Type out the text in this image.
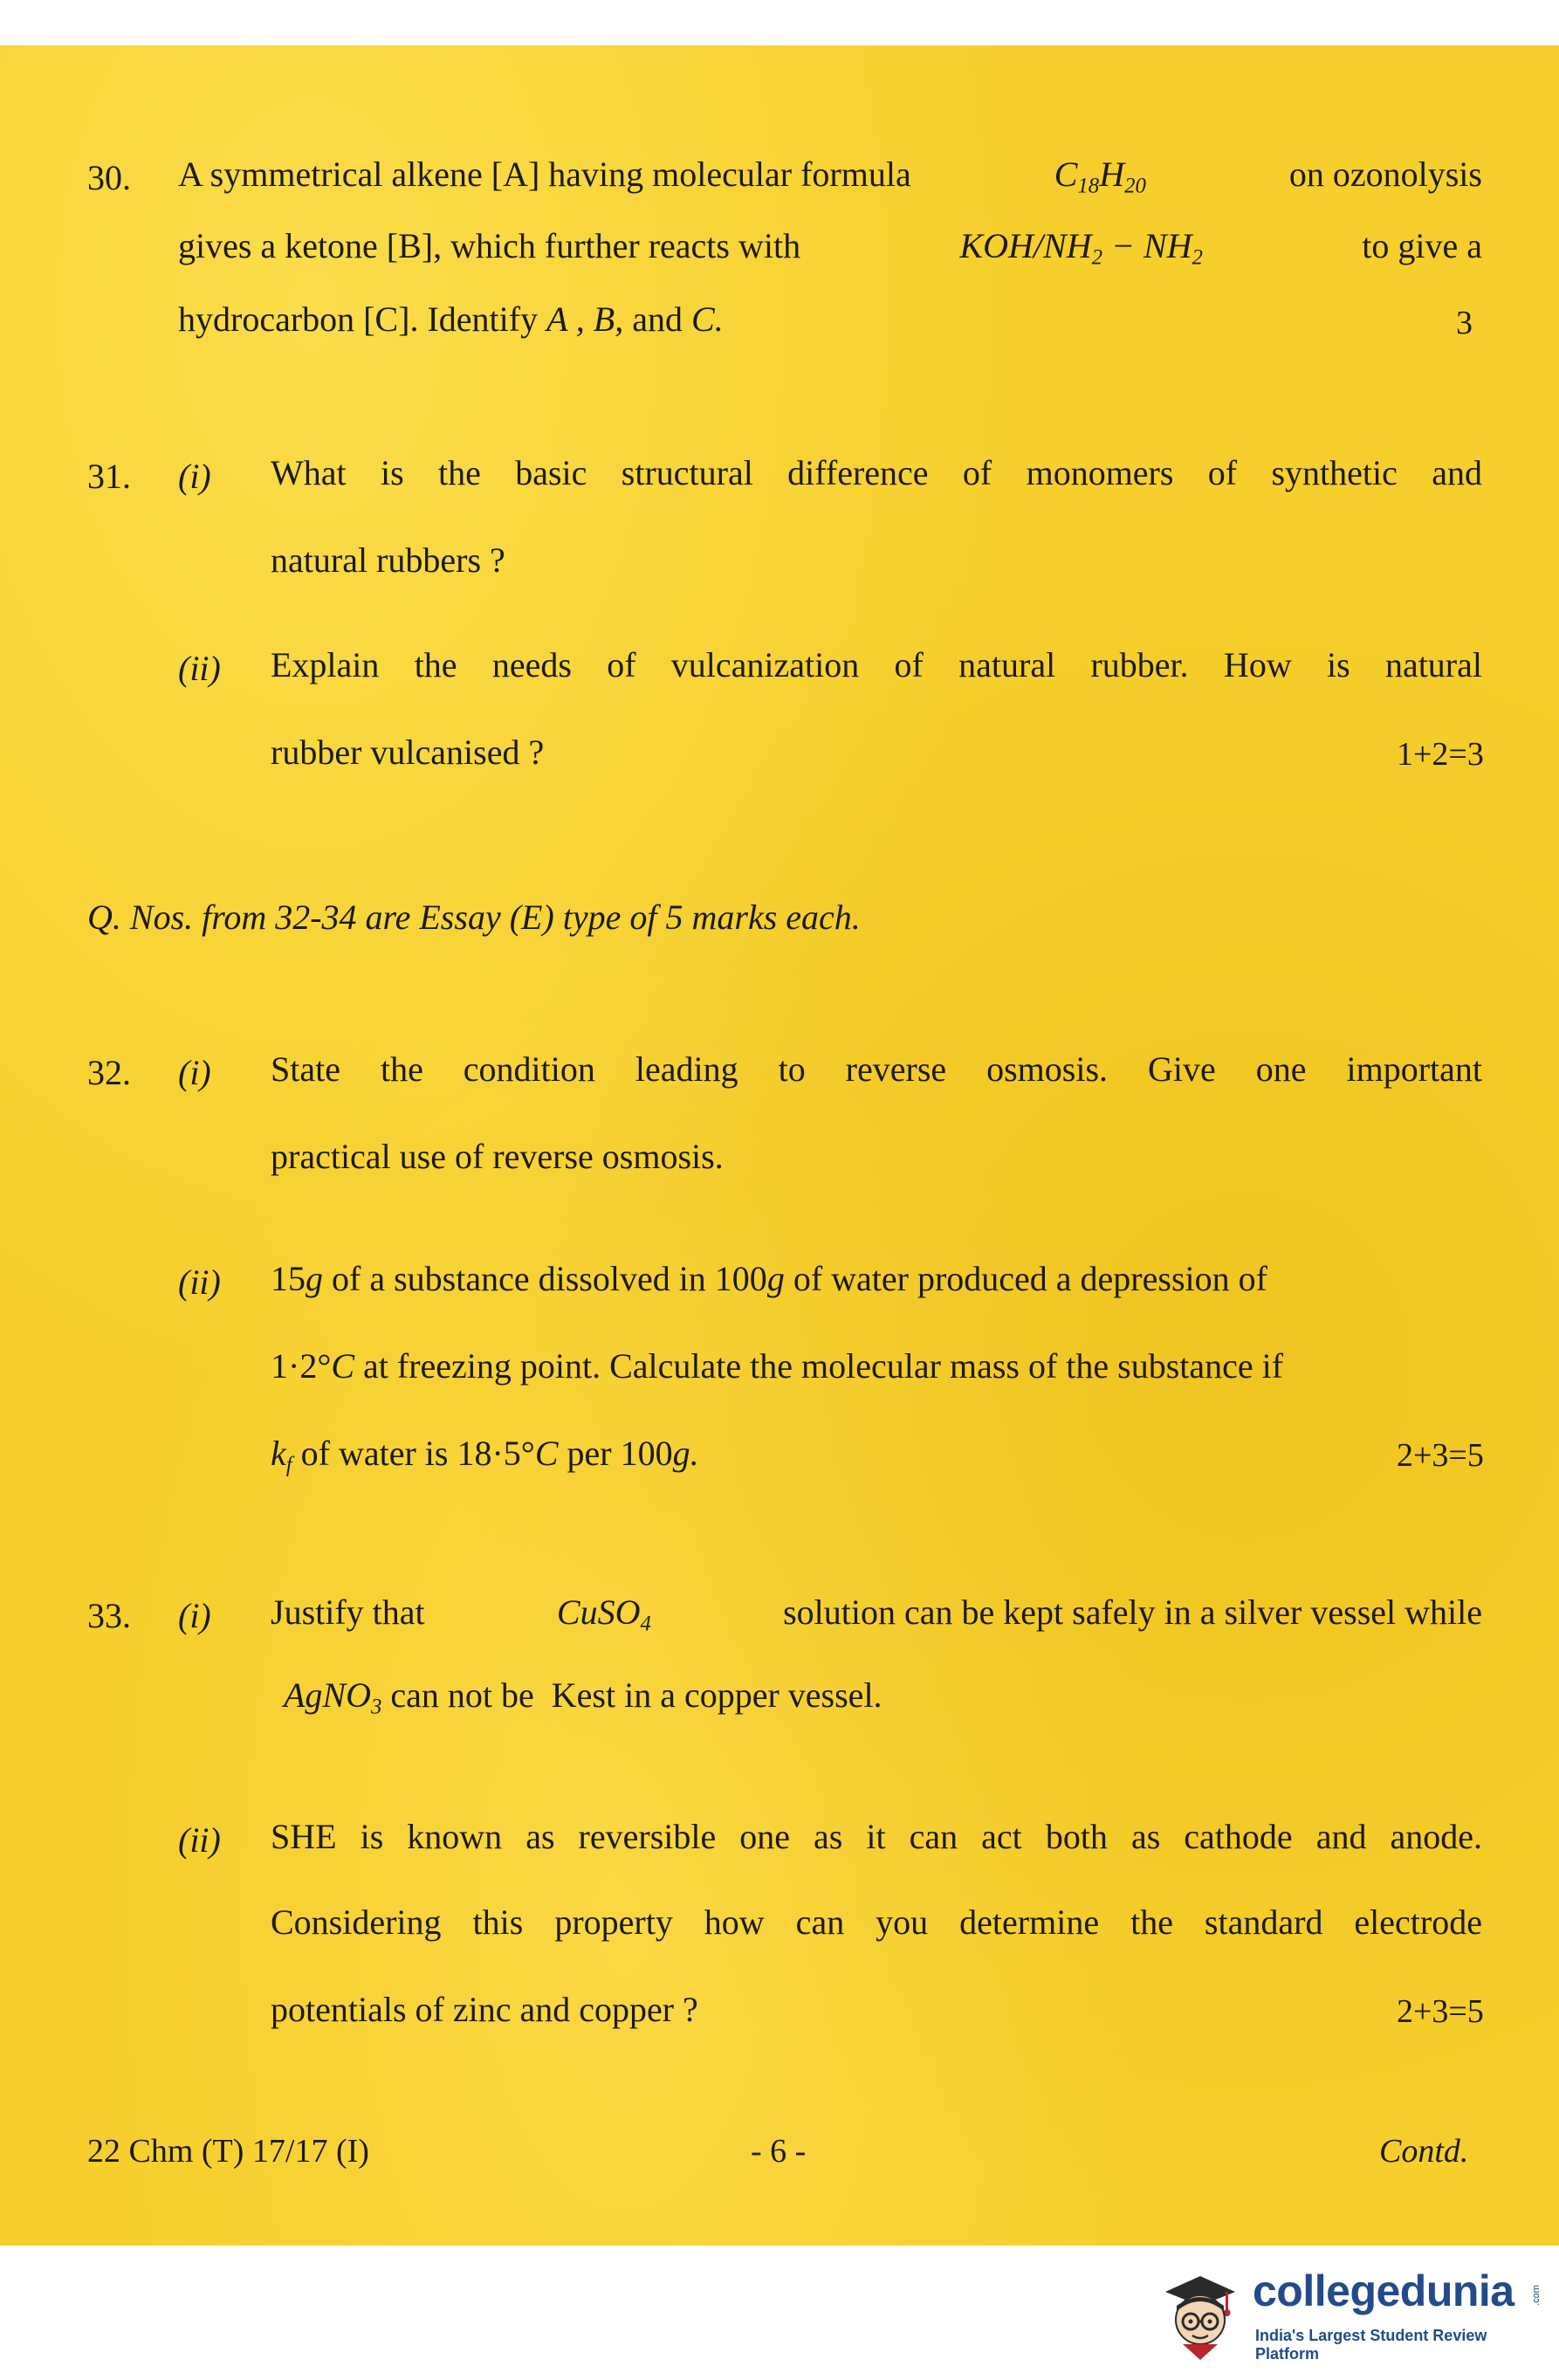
30. A symmetrical alkene [A] having molecular formula	$C_{18}H_{20}$	on ozonolysis
gives a ketone [B], which further reacts with	KOH/$NH_2 - NH_2$	to give a
hydrocarbon [C]. Identify A , B, and C.	3
31. (i) What is the basic structural difference of monomers of synthetic and
natural rubbers ?
(ii) Explain the needs of vulcanization of natural rubber. How is natural
rubber vulcanised ?	1+2=3
Q. Nos. from 32-34 are Essay (E) type of 5 marks each.
32. (i) State the condition leading to reverse osmosis. Give one important
practical use of reverse osmosis.
(ii) 15g of a substance dissolved in 100g of water produced a depression of
1·2°C at freezing point. Calculate the molecular mass of the substance if
$k_f$ of water is 18·5°C per 100g.	2+3=5
33. (i) Justify that	CuSO$_4$	solution can be kept safely in a silver vessel while
AgNO$_3$ can not be  Kest in a copper vessel.
(ii) SHE is known as reversible one as it can act both as cathode and anode.
Considering this property how can you determine the standard electrode
potentials of zinc and copper ?	2+3=5
22 Chm (T) 17/17 (I)	- 6 -	Contd.
collegedunia .com
India's Largest Student Review Platform
